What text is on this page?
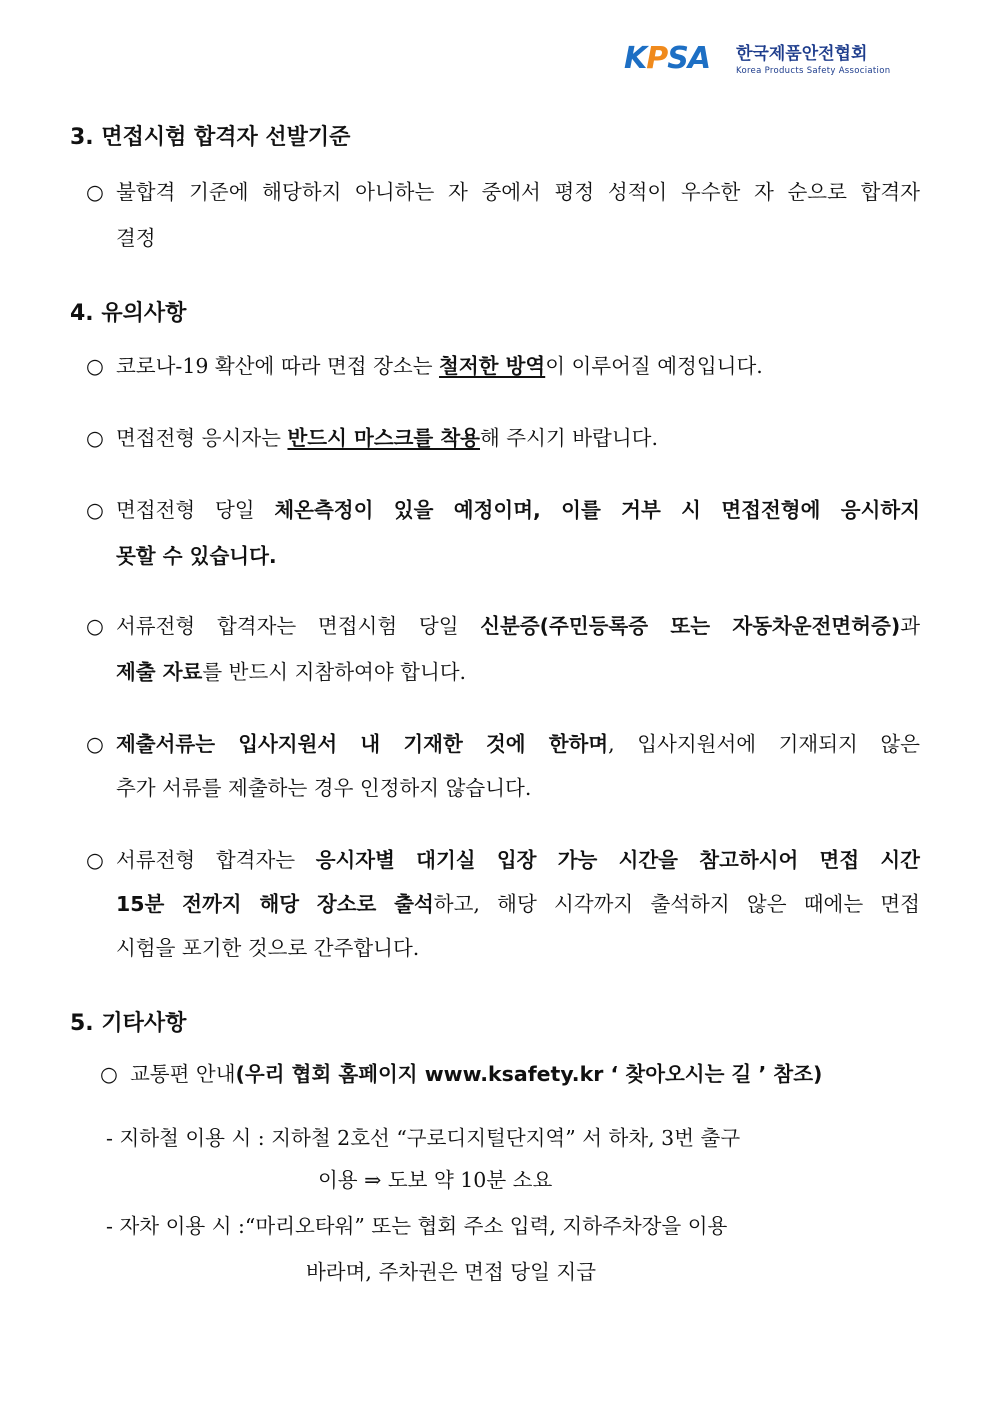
KPSA 한국제품안전협회
Korea Products Safety Association
3. 면접시험 합격자 선발기준
○ 불합격 기준에 해당하지 아니하는 자 중에서 평정 성적이 우수한 자 순으로 합격자
결정
4. 유의사항
○ 코로나-19 확산에 따라 면접 장소는 철저한 방역이 이루어질 예정입니다.
○ 면접전형 응시자는 반드시 마스크를 착용해 주시기 바랍니다.
○ 면접전형 당일 체온측정이 있을 예정이며, 이를 거부 시 면접전형에 응시하지
못할 수 있습니다.
○ 서류전형 합격자는 면접시험 당일 신분증(주민등록증 또는 자동차운전면허증)과
제출 자료를 반드시 지참하여야 합니다.
○ 제출서류는 입사지원서 내 기재한 것에 한하며, 입사지원서에 기재되지 않은
추가 서류를 제출하는 경우 인정하지 않습니다.
○ 서류전형 합격자는 응시자별 대기실 입장 가능 시간을 참고하시어 면접 시간
15분 전까지 해당 장소로 출석하고, 해당 시각까지 출석하지 않은 때에는 면접
시험을 포기한 것으로 간주합니다.
5. 기타사항
○ 교통편 안내(우리 협회 홈페이지 www.ksafety.kr ‘ 찾아오시는 길 ’ 참조)
- 지하철 이용 시 : 지하철 2호선 “구로디지털단지역” 서 하차, 3번 출구
이용 ⇒ 도보 약 10분 소요
- 자차 이용 시 :“마리오타워” 또는 협회 주소 입력, 지하주차장을 이용
바라며, 주차권은 면접 당일 지급
